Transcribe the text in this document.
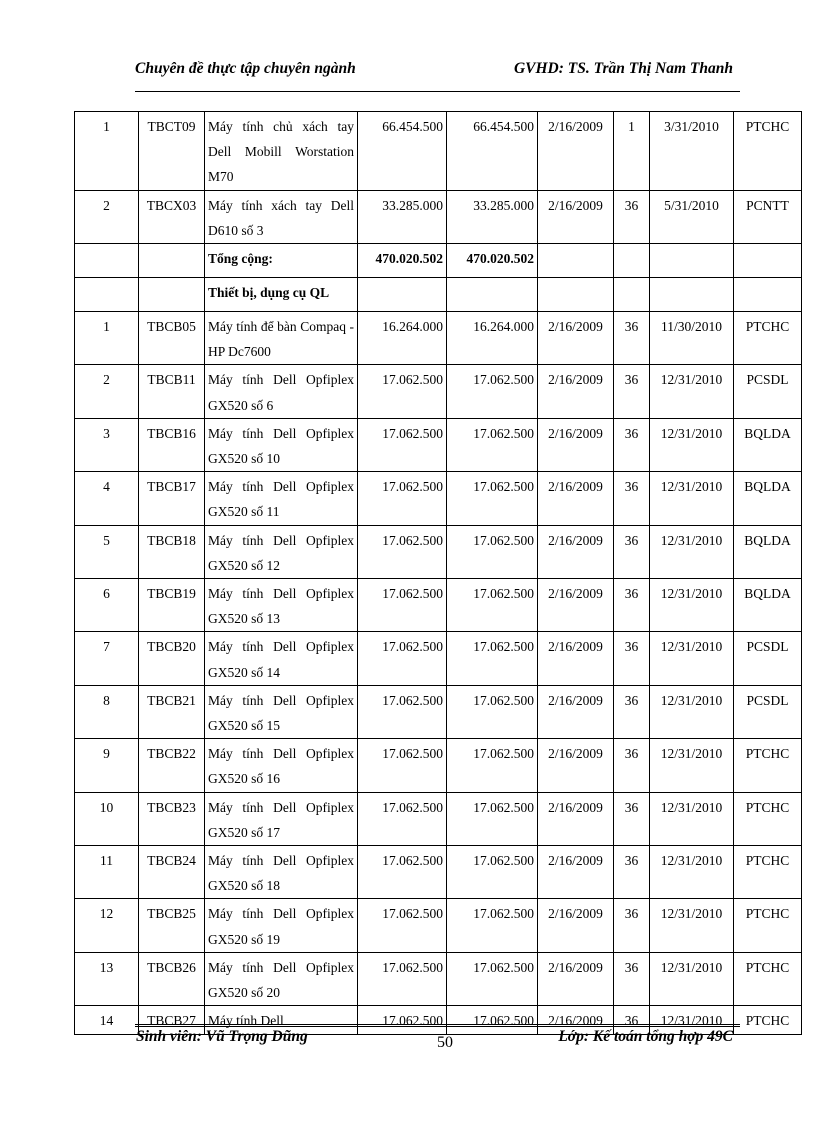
Chuyên đề thực tập chuyên ngành	GVHD: TS. Trần Thị Nam Thanh
1	TBCT09	Máy tính chủ xách tay Dell Mobill Worstation M70	66.454.500	66.454.500	2/16/2009	1	3/31/2010	PTCHC
2	TBCX03	Máy tính xách tay Dell D610 số 3	33.285.000	33.285.000	2/16/2009	36	5/31/2010	PCNTT
		Tổng cộng:	470.020.502	470.020.502				
		Thiết bị, dụng cụ QL						
1	TBCB05	Máy tính để bàn Compaq - HP Dc7600	16.264.000	16.264.000	2/16/2009	36	11/30/2010	PTCHC
2	TBCB11	Máy tính Dell Opfiplex GX520 số 6	17.062.500	17.062.500	2/16/2009	36	12/31/2010	PCSDL
3	TBCB16	Máy tính Dell Opfiplex GX520 số 10	17.062.500	17.062.500	2/16/2009	36	12/31/2010	BQLDA
4	TBCB17	Máy tính Dell Opfiplex GX520 số 11	17.062.500	17.062.500	2/16/2009	36	12/31/2010	BQLDA
5	TBCB18	Máy tính Dell Opfiplex GX520 số 12	17.062.500	17.062.500	2/16/2009	36	12/31/2010	BQLDA
6	TBCB19	Máy tính Dell Opfiplex GX520 số 13	17.062.500	17.062.500	2/16/2009	36	12/31/2010	BQLDA
7	TBCB20	Máy tính Dell Opfiplex GX520 số 14	17.062.500	17.062.500	2/16/2009	36	12/31/2010	PCSDL
8	TBCB21	Máy tính Dell Opfiplex GX520 số 15	17.062.500	17.062.500	2/16/2009	36	12/31/2010	PCSDL
9	TBCB22	Máy tính Dell Opfiplex GX520 số 16	17.062.500	17.062.500	2/16/2009	36	12/31/2010	PTCHC
10	TBCB23	Máy tính Dell Opfiplex GX520 số 17	17.062.500	17.062.500	2/16/2009	36	12/31/2010	PTCHC
11	TBCB24	Máy tính Dell Opfiplex GX520 số 18	17.062.500	17.062.500	2/16/2009	36	12/31/2010	PTCHC
12	TBCB25	Máy tính Dell Opfiplex GX520 số 19	17.062.500	17.062.500	2/16/2009	36	12/31/2010	PTCHC
13	TBCB26	Máy tính Dell Opfiplex GX520 số 20	17.062.500	17.062.500	2/16/2009	36	12/31/2010	PTCHC
14	TBCB27	Máy tính Dell	17.062.500	17.062.500	2/16/2009	36	12/31/2010	PTCHC
Sinh viên: Vũ Trọng Dũng	50	Lớp: Kế toán tổng hợp 49C
